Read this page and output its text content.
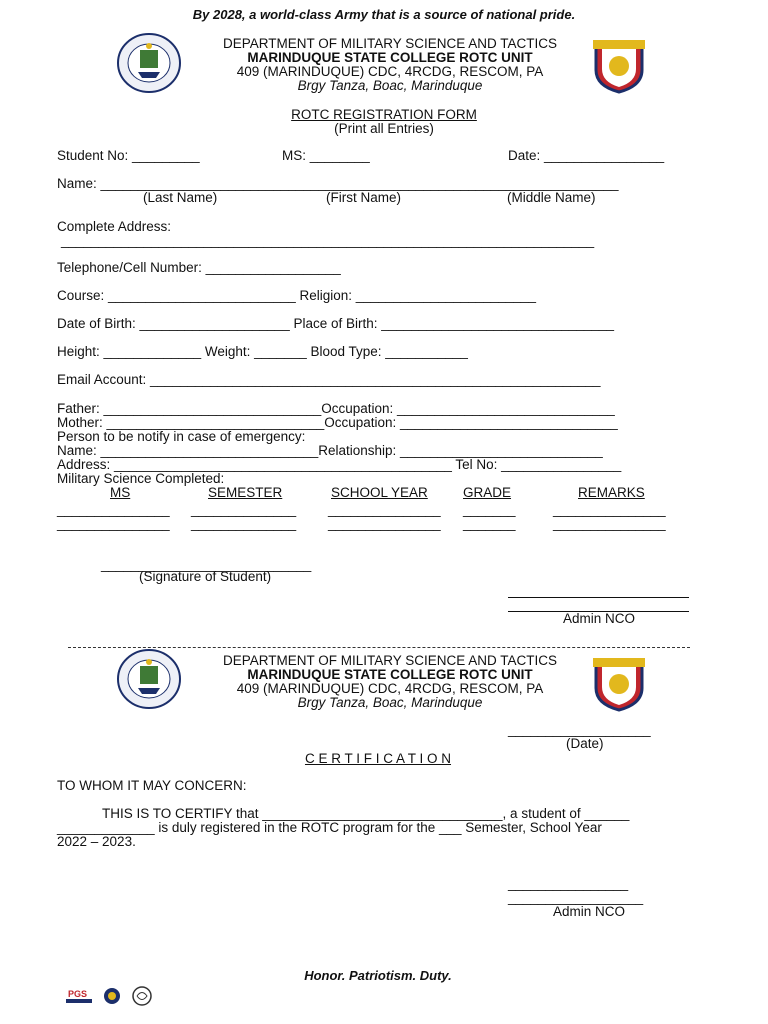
By 2028, a world-class Army that is a source of national pride.
DEPARTMENT OF MILITARY SCIENCE AND TACTICS
MARINDUQUE STATE COLLEGE ROTC UNIT
409 (MARINDUQUE) CDC, 4RCDG, RESCOM, PA
Brgy Tanza, Boac, Marinduque
ROTC REGISTRATION FORM
(Print all Entries)
Student No: _________	MS: ________	Date: ________________
Name: _____________________________________________________________________
(Last Name)	(First Name)	(Middle Name)
Complete Address:
_______________________________________________________________________
Telephone/Cell Number: __________________
Course: _________________________ Religion: ________________________
Date of Birth: ____________________ Place of Birth: _______________________________
Height: _____________ Weight: _______ Blood Type: ___________
Email Account: ____________________________________________________________
Father: _____________________________Occupation: _____________________________
Mother: _____________________________Occupation: _____________________________
Person to be notify in case of emergency:
Name: _____________________________Relationship: ___________________________
Address: _____________________________________________ Tel No: ________________
Military Science Completed:
MS	SEMESTER	SCHOOL YEAR	GRADE	REMARKS
_______________ ______________ _______________ _______	_______________
_______________ ______________ _______________ _______	_______________
____________________________
(Signature of Student)
Admin NCO
DEPARTMENT OF MILITARY SCIENCE AND TACTICS
MARINDUQUE STATE COLLEGE ROTC UNIT
409 (MARINDUQUE) CDC, 4RCDG, RESCOM, PA
Brgy Tanza, Boac, Marinduque
___________________
(Date)
C E R T I F I C A T I O N
TO WHOM IT MAY CONCERN:
THIS IS TO CERTIFY that ________________________________, a student of ______
_____________ is duly registered in the ROTC program for the ___ Semester, School Year
2022 – 2023.
________________
__________________
Admin NCO
Honor. Patriotism. Duty.
PGS
